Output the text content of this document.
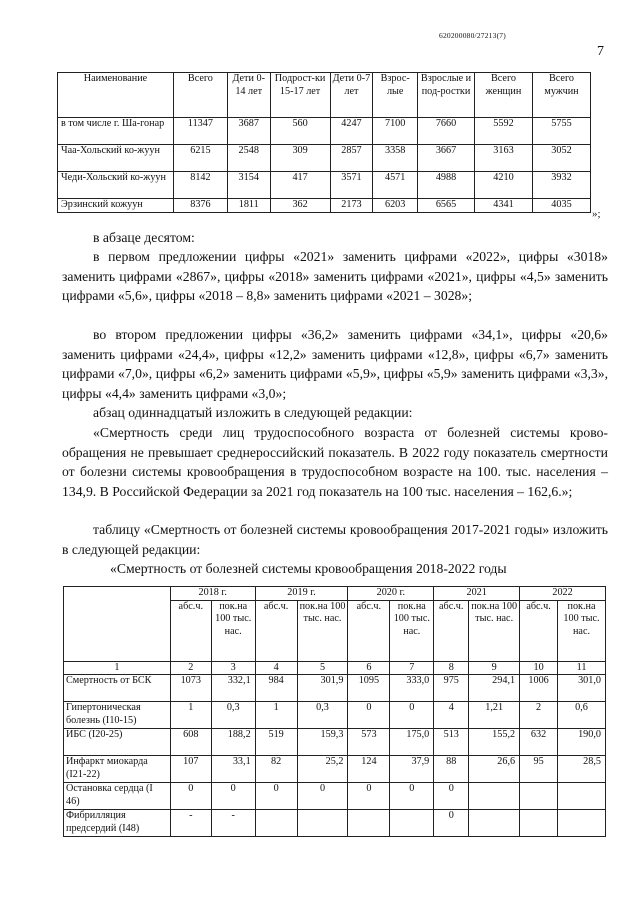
620200080/27213(7)
7
Наименование	Всего	Дети 0-14 лет	Подрост-ки 15-17 лет	Дети 0-7 лет	Взрос-лые	Взрослые и под-ростки	Всего женщин	Всего мужчин
в том числе г. Ша-гонар	11347	3687	560	4247	7100	7660	5592	5755
Чаа-Хольский ко-жуун	6215	2548	309	2857	3358	3667	3163	3052
Чеди-Хольский ко-жуун	8142	3154	417	3571	4571	4988	4210	3932
Эрзинский кожуун	8376	1811	362	2173	6203	6565	4341	4035
»;

в абзаце десятом:

в первом предложении цифры «2021» заменить цифрами «2022», цифры «3018» заменить цифрами «2867», цифры «2018» заменить цифрами «2021», цифры «4,5» заменить цифрами «5,6», цифры «2018 – 8,8» заменить цифрами «2021 – 3028»;

во втором предложении цифры «36,2» заменить цифрами «34,1», цифры «20,6» заменить цифрами «24,4», цифры «12,2» заменить цифрами «12,8», цифры «6,7» заменить цифрами «7,0», цифры «6,2» заменить цифрами «5,9», цифры «5,9» заменить цифрами «3,3», цифры «4,4» заменить цифрами «3,0»;

абзац одиннадцатый изложить в следующей редакции:

«Смертность среди лиц трудоспособного возраста от болезней системы крово-обращения не превышает среднероссийский показатель. В 2022 году показатель смертности от болезни системы кровообращения в трудоспособном возрасте на 100. тыс. населения – 134,9. В Российской Федерации за 2021 год показатель на 100 тыс. населения – 162,6.»;

таблицу «Смертность от болезней системы кровообращения 2017-2021 годы» изложить в следующей редакции:

«Смертность от болезней системы кровообращения 2018-2022 годы

	2018 г.		2019 г.		2020 г.		2021		2022	
	абс.ч.	пок.на 100 тыс. нас.	абс.ч.	пок.на 100 тыс. нас.	абс.ч.	пок.на 100 тыс. нас.	абс.ч.	пок.на 100 тыс. нас.	абс.ч.	пок.на 100 тыс. нас.
1	2	3	4	5	6	7	8	9	10	11
Смертность от БСК	1073	332,1	984	301,9	1095	333,0	975	294,1	1006	301,0
Гипертоническая болезнь (I10-15)	1	0,3	1	0,3	0	0	4	1,21	2	0,6
ИБС (I20-25)	608	188,2	519	159,3	573	175,0	513	155,2	632	190,0
Инфаркт миокарда (I21-22)	107	33,1	82	25,2	124	37,9	88	26,6	95	28,5
Остановка сердца (I 46)	0	0	0	0	0	0	0			
Фибрилляция предсердий (I48)	-	-					0			
